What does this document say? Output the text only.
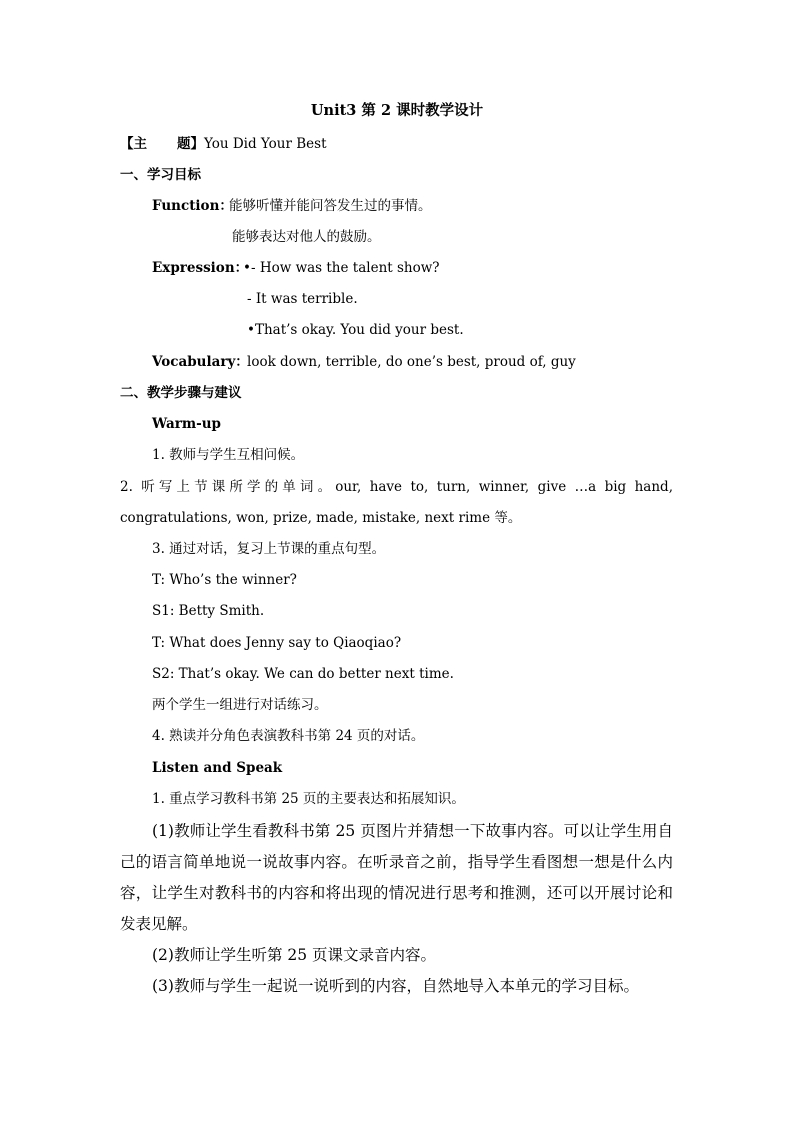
Unit3 第 2 课时教学设计
【主 题】You Did Your Best
一、学习目标
Function：
能够听懂并能问答发生过的事情。
能够表达对他人的鼓励。
Expression：
•- How was the talent show?
- It was terrible.
•That’s okay. You did your best.
Vocabulary：
look down, terrible, do one’s best, proud of, guy
二、教学步骤与建议
Warm-up
1. 教师与学生互相问候。
2. 听写上节课所学的单词。our, have to, turn, winner, give …a big hand,
congratulations, won, prize, made, mistake, next rime 等。
3. 通过对话，复习上节课的重点句型。
T: Who’s the winner?
S1: Betty Smith.
T: What does Jenny say to Qiaoqiao?
S2: That’s okay. We can do better next time.
两个学生一组进行对话练习。
4. 熟读并分角色表演教科书第 24 页的对话。
Listen and Speak
1. 重点学习教科书第 25 页的主要表达和拓展知识。
(1)教师让学生看教科书第 25 页图片并猜想一下故事内容。可以让学生用自己的语言简单地说一说故事内容。在听录音之前，指导学生看图想一想是什么内容，让学生对教科书的内容和将出现的情况进行思考和推测，还可以开展讨论和发表见解。
(2)教师让学生听第 25 页课文录音内容。
(3)教师与学生一起说一说听到的内容，自然地导入本单元的学习目标。
